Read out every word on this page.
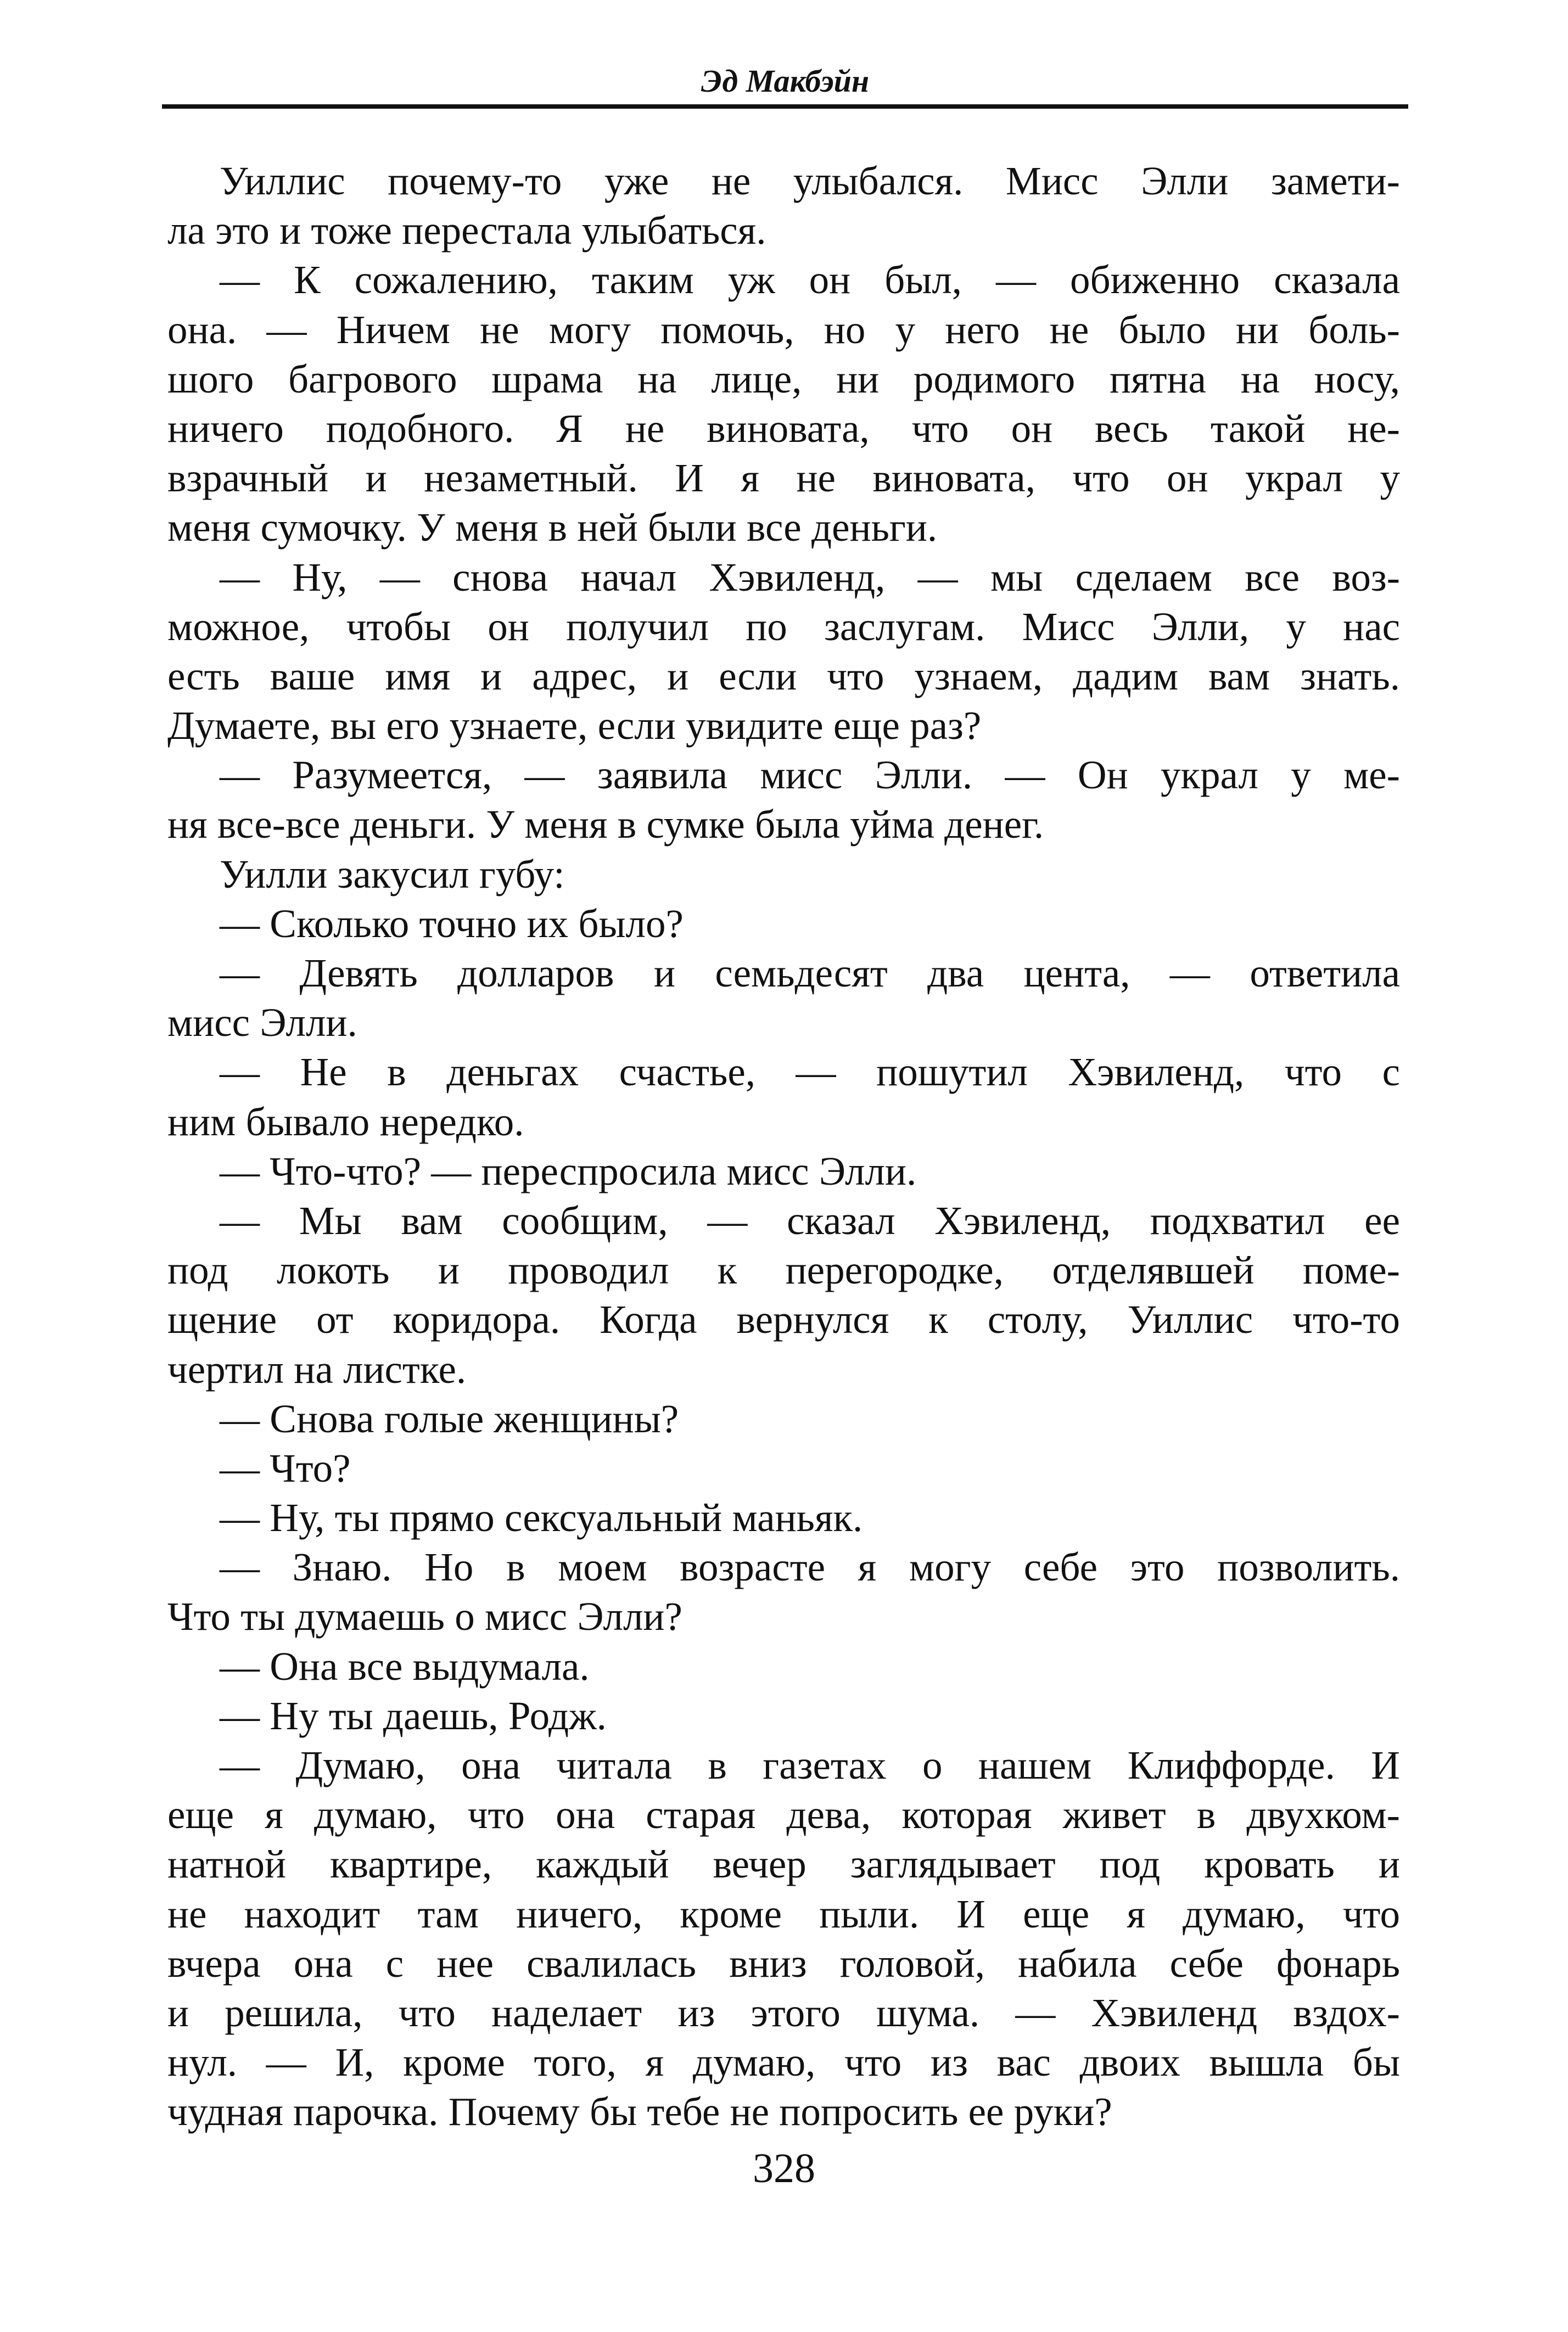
Эд Макбэйн
Уиллис почему-то уже не улыбался. Мисс Элли замети-
ла это и тоже перестала улыбаться.
— К сожалению, таким уж он был, — обиженно сказала
она. — Ничем не могу помочь, но у него не было ни боль-
шого багрового шрама на лице, ни родимого пятна на носу,
ничего подобного. Я не виновата, что он весь такой не-
взрачный и незаметный. И я не виновата, что он украл у
меня сумочку. У меня в ней были все деньги.
— Ну, — снова начал Хэвиленд, — мы сделаем все воз-
можное, чтобы он получил по заслугам. Мисс Элли, у нас
есть ваше имя и адрес, и если что узнаем, дадим вам знать.
Думаете, вы его узнаете, если увидите еще раз?
— Разумеется, — заявила мисс Элли. — Он украл у ме-
ня все-все деньги. У меня в сумке была уйма денег.
Уилли закусил губу:
— Сколько точно их было?
— Девять долларов и семьдесят два цента, — ответила
мисс Элли.
— Не в деньгах счастье, — пошутил Хэвиленд, что с
ним бывало нередко.
— Что-что? — переспросила мисс Элли.
— Мы вам сообщим, — сказал Хэвиленд, подхватил ее
под локоть и проводил к перегородке, отделявшей поме-
щение от коридора. Когда вернулся к столу, Уиллис что-то
чертил на листке.
— Снова голые женщины?
— Что?
— Ну, ты прямо сексуальный маньяк.
— Знаю. Но в моем возрасте я могу себе это позволить.
Что ты думаешь о мисс Элли?
— Она все выдумала.
— Ну ты даешь, Родж.
— Думаю, она читала в газетах о нашем Клиффорде. И
еще я думаю, что она старая дева, которая живет в двухком-
натной квартире, каждый вечер заглядывает под кровать и
не находит там ничего, кроме пыли. И еще я думаю, что
вчера она с нее свалилась вниз головой, набила себе фонарь
и решила, что наделает из этого шума. — Хэвиленд вздох-
нул. — И, кроме того, я думаю, что из вас двоих вышла бы
чудная парочка. Почему бы тебе не попросить ее руки?
328
